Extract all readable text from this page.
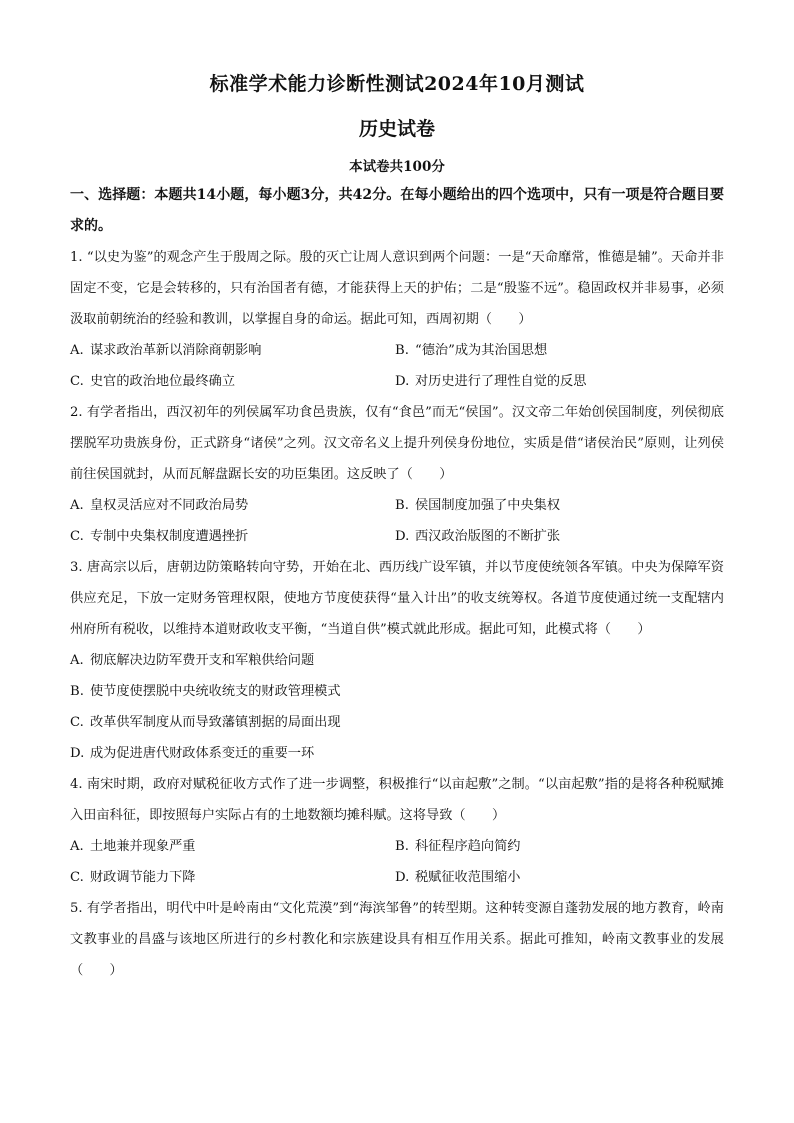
标准学术能力诊断性测试2024年10月测试
历史试卷

本试卷共100分

一、选择题：本题共14小题，每小题3分，共42分。在每小题给出的四个选项中，只有一项是符合题目要求的。

1. “以史为鉴”的观念产生于殷周之际。殷的灭亡让周人意识到两个问题：一是“天命靡常，惟德是辅”。天命并非固定不变，它是会转移的，只有治国者有德，才能获得上天的护佑；二是“殷鉴不远”。稳固政权并非易事，必须汲取前朝统治的经验和教训，以掌握自身的命运。据此可知，西周初期（　　）

A. 谋求政治革新以消除商朝影响	B. “德治”成为其治国思想
C. 史官的政治地位最终确立	D. 对历史进行了理性自觉的反思

2. 有学者指出，西汉初年的列侯属军功食邑贵族，仅有“食邑”而无“侯国”。汉文帝二年始创侯国制度，列侯彻底摆脱军功贵族身份，正式跻身“诸侯”之列。汉文帝名义上提升列侯身份地位，实质是借“诸侯治民”原则，让列侯前往侯国就封，从而瓦解盘踞长安的功臣集团。这反映了（　　）

A. 皇权灵活应对不同政治局势	B. 侯国制度加强了中央集权
C. 专制中央集权制度遭遇挫折	D. 西汉政治版图的不断扩张

3. 唐高宗以后，唐朝边防策略转向守势，开始在北、西历线广设军镇，并以节度使统领各军镇。中央为保障军资供应充足，下放一定财务管理权限，使地方节度使获得“量入计出”的收支统筹权。各道节度使通过统一支配辖内州府所有税收，以维持本道财政收支平衡，“当道自供”模式就此形成。据此可知，此模式将（　　）

A. 彻底解决边防军费开支和军粮供给问题
B. 使节度使摆脱中央统收统支的财政管理模式
C. 改革供军制度从而导致藩镇割据的局面出现
D. 成为促进唐代财政体系变迁的重要一环

4. 南宋时期，政府对赋税征收方式作了进一步调整，积极推行“以亩起敷”之制。“以亩起敷”指的是将各种税赋摊入田亩科征，即按照每户实际占有的土地数额均摊科赋。这将导致（　　）

A. 土地兼并现象严重	B. 科征程序趋向简约
C. 财政调节能力下降	D. 税赋征收范围缩小

5. 有学者指出，明代中叶是岭南由“文化荒漠”到“海滨邹鲁”的转型期。这种转变源自蓬勃发展的地方教育，岭南文教事业的昌盛与该地区所进行的乡村教化和宗族建设具有相互作用关系。据此可推知，岭南文教事业的发展（　　）
